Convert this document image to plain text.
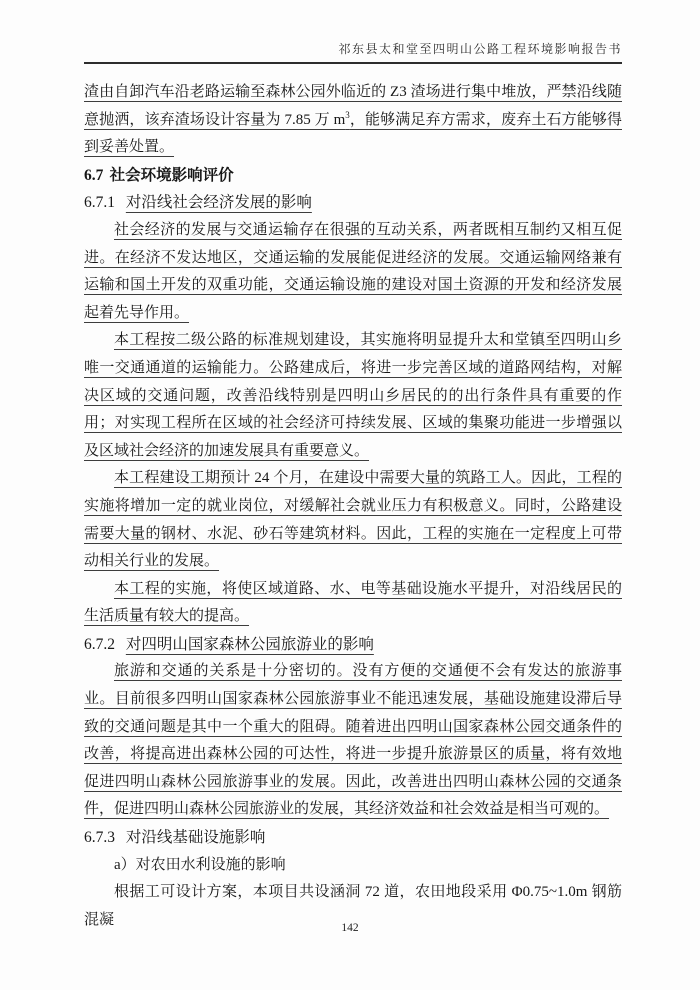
祁东县太和堂至四明山公路工程环境影响报告书

渣由自卸汽车沿老路运输至森林公园外临近的 Z3 渣场进行集中堆放，严禁沿线随意抛洒，该弃渣场设计容量为 7.85 万 $m^3$，能够满足弃方需求，废弃土石方能够得到妥善处置。

6.7 社会环境影响评价
6.7.1 对沿线社会经济发展的影响

社会经济的发展与交通运输存在很强的互动关系，两者既相互制约又相互促进。在经济不发达地区，交通运输的发展能促进经济的发展。交通运输网络兼有运输和国土开发的双重功能，交通运输设施的建设对国土资源的开发和经济发展起着先导作用。

本工程按二级公路的标准规划建设，其实施将明显提升太和堂镇至四明山乡唯一交通通道的运输能力。公路建成后，将进一步完善区域的道路网结构，对解决区域的交通问题，改善沿线特别是四明山乡居民的的出行条件具有重要的作用；对实现工程所在区域的社会经济可持续发展、区域的集聚功能进一步增强以及区域社会经济的加速发展具有重要意义。

本工程建设工期预计 24 个月，在建设中需要大量的筑路工人。因此，工程的实施将增加一定的就业岗位，对缓解社会就业压力有积极意义。同时，公路建设需要大量的钢材、水泥、砂石等建筑材料。因此，工程的实施在一定程度上可带动相关行业的发展。

本工程的实施，将使区域道路、水、电等基础设施水平提升，对沿线居民的生活质量有较大的提高。

6.7.2 对四明山国家森林公园旅游业的影响

旅游和交通的关系是十分密切的。没有方便的交通便不会有发达的旅游事业。目前很多四明山国家森林公园旅游事业不能迅速发展，基础设施建设滞后导致的交通问题是其中一个重大的阻碍。随着进出四明山国家森林公园交通条件的改善，将提高进出森林公园的可达性，将进一步提升旅游景区的质量，将有效地促进四明山森林公园旅游事业的发展。因此，改善进出四明山森林公园的交通条件，促进四明山森林公园旅游业的发展，其经济效益和社会效益是相当可观的。

6.7.3 对沿线基础设施影响

a）对农田水利设施的影响

根据工可设计方案，本项目共设涵洞 72 道，农田地段采用 Φ0.75~1.0m 钢筋混凝

142
